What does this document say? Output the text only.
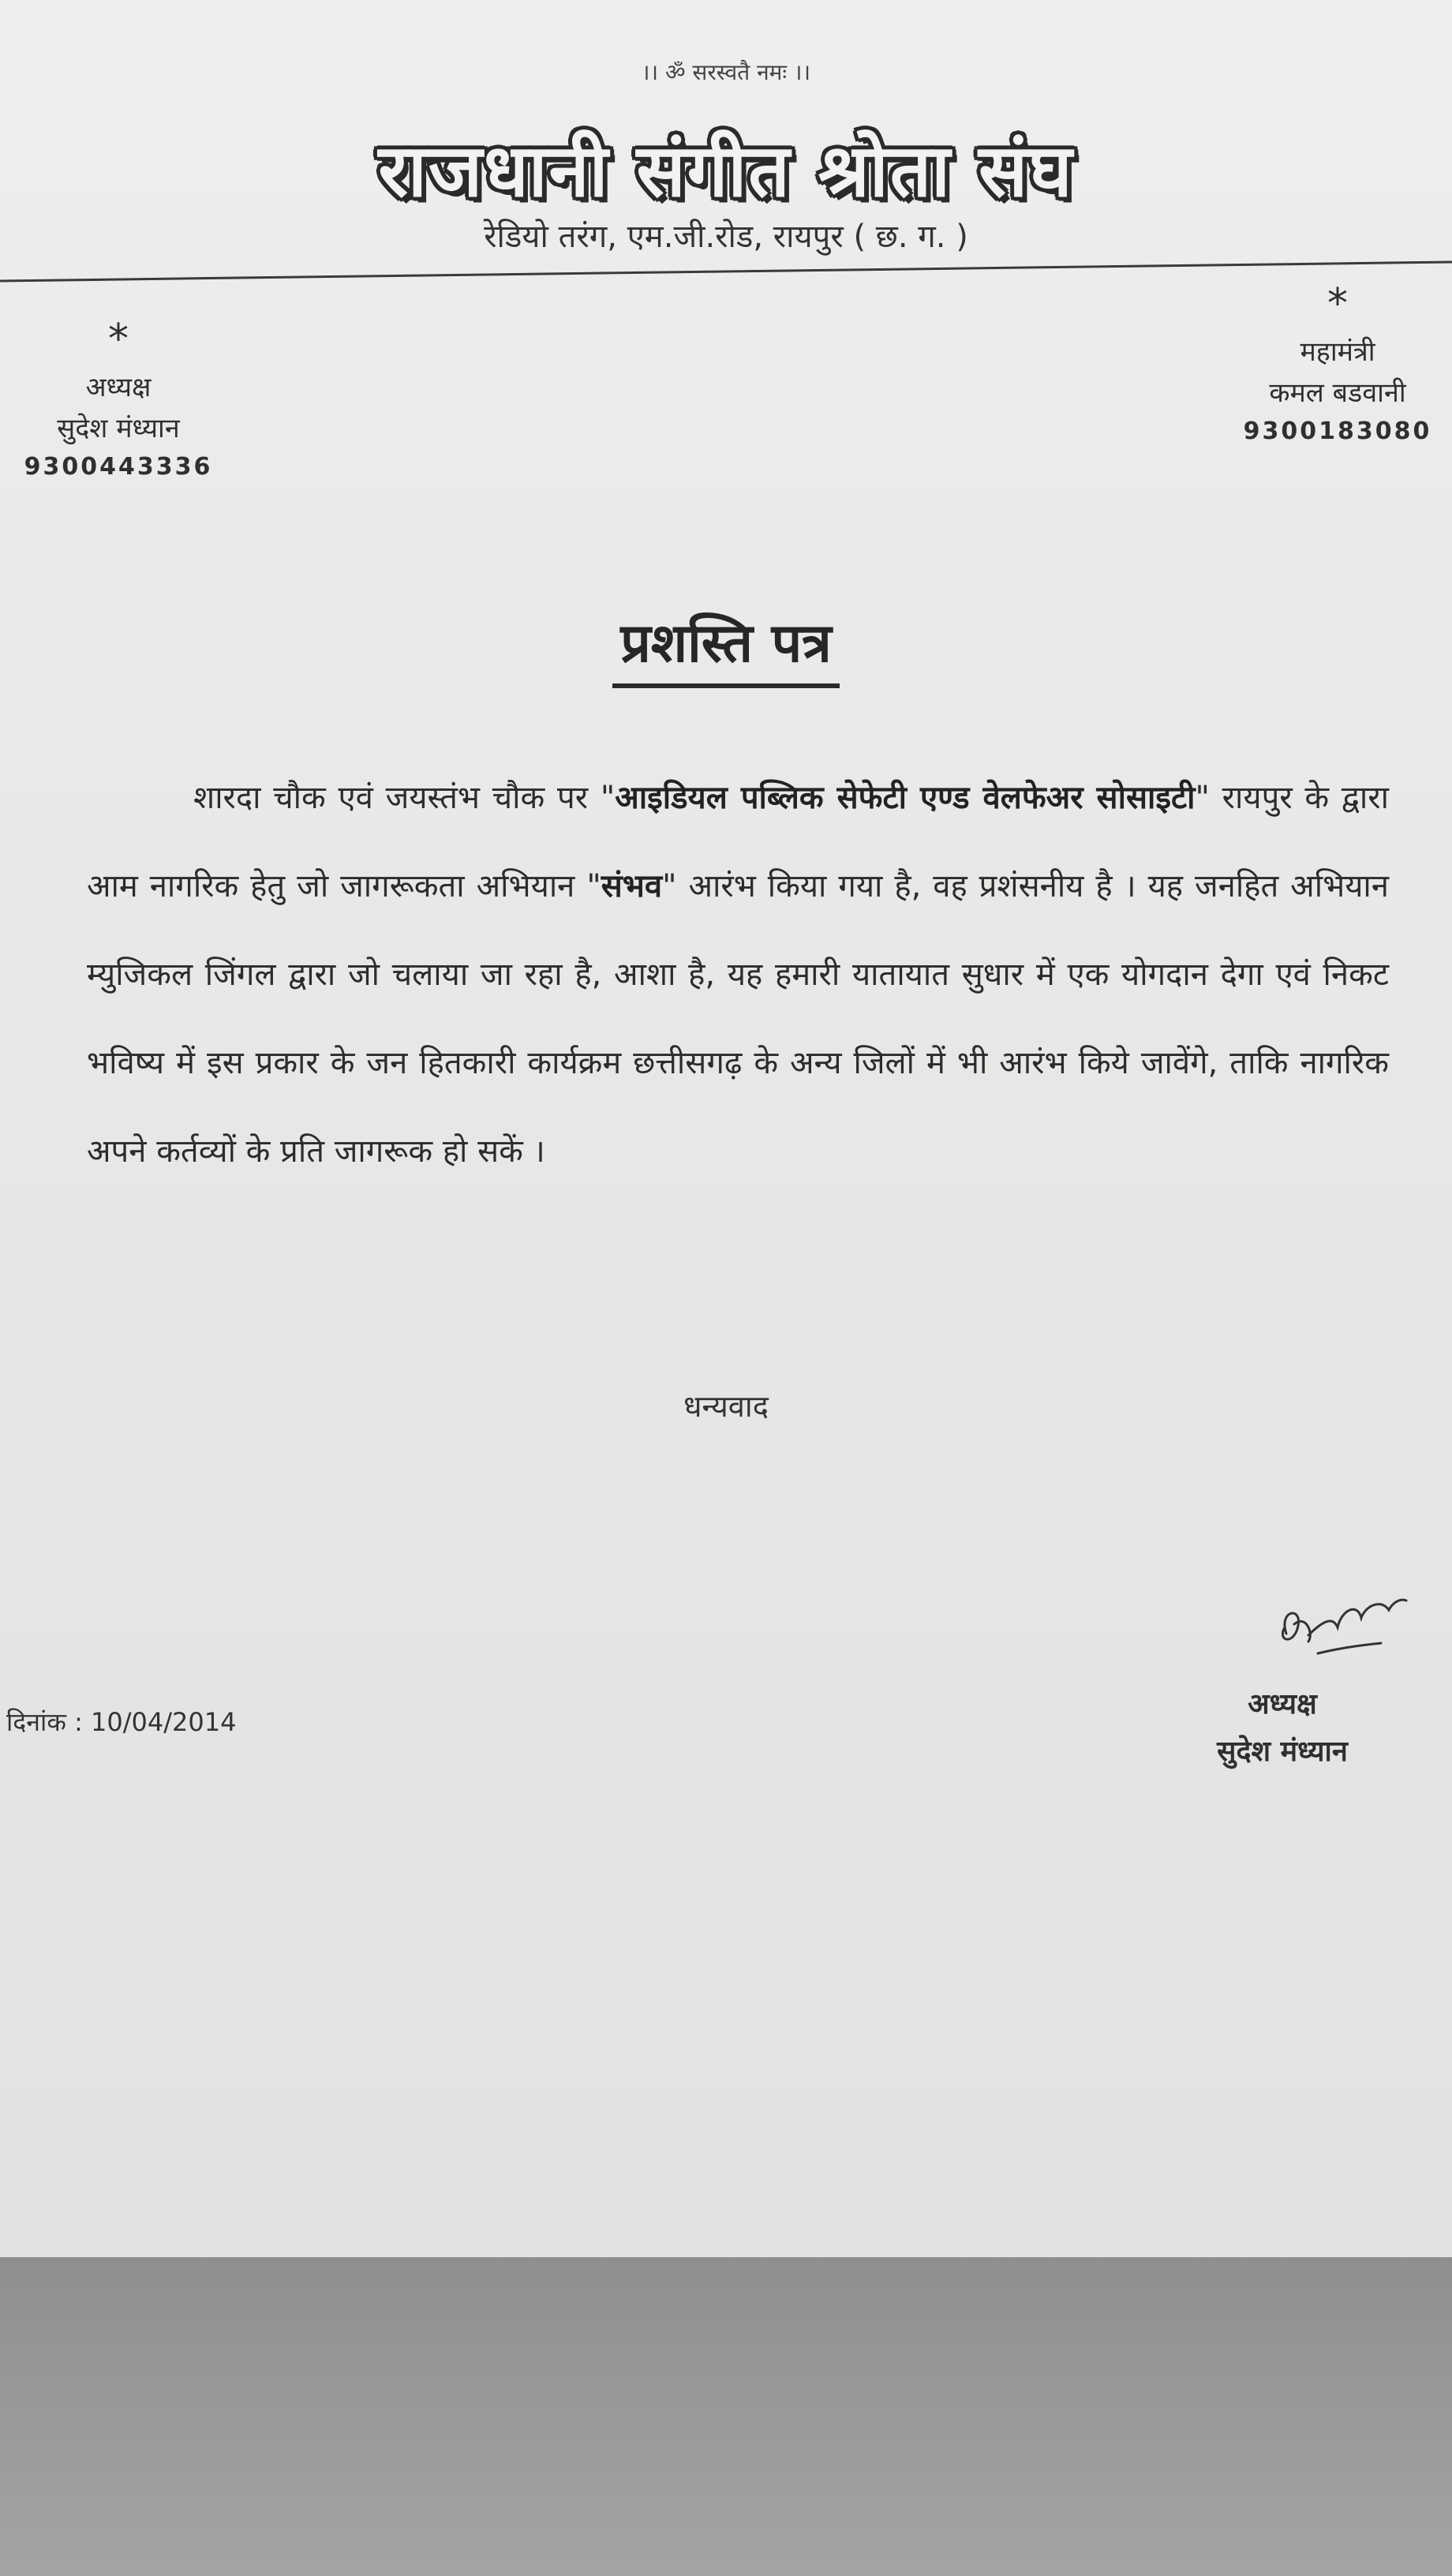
।। ॐ सरस्वतै नमः ।।
राजधानी संगीत श्रोता संघ
रेडियो तरंग, एम.जी.रोड, रायपुर ( छ. ग. )
*
अध्यक्ष
सुदेश मंध्यान
9300443336
*
महामंत्री
कमल बडवानी
9300183080
प्रशस्ति पत्र

शारदा चौक एवं जयस्तंभ चौक पर "आइडियल पब्लिक सेफेटी एण्ड वेलफेअर सोसाइटी" रायपुर के द्वारा आम नागरिक हेतु जो जागरूकता अभियान "संभव" आरंभ किया गया है, वह प्रशंसनीय है । यह जनहित अभियान म्युजिकल जिंगल द्वारा जो चलाया जा रहा है, आशा है, यह हमारी यातायात सुधार में एक योगदान देगा एवं निकट भविष्य में इस प्रकार के जन हितकारी कार्यक्रम छत्तीसगढ़ के अन्य जिलों में भी आरंभ किये जावेंगे, ताकि नागरिक अपने कर्तव्यों के प्रति जागरूक हो सकें ।

धन्यवाद
दिनांक : 10/04/2014
अध्यक्ष
सुदेश मंध्यान
